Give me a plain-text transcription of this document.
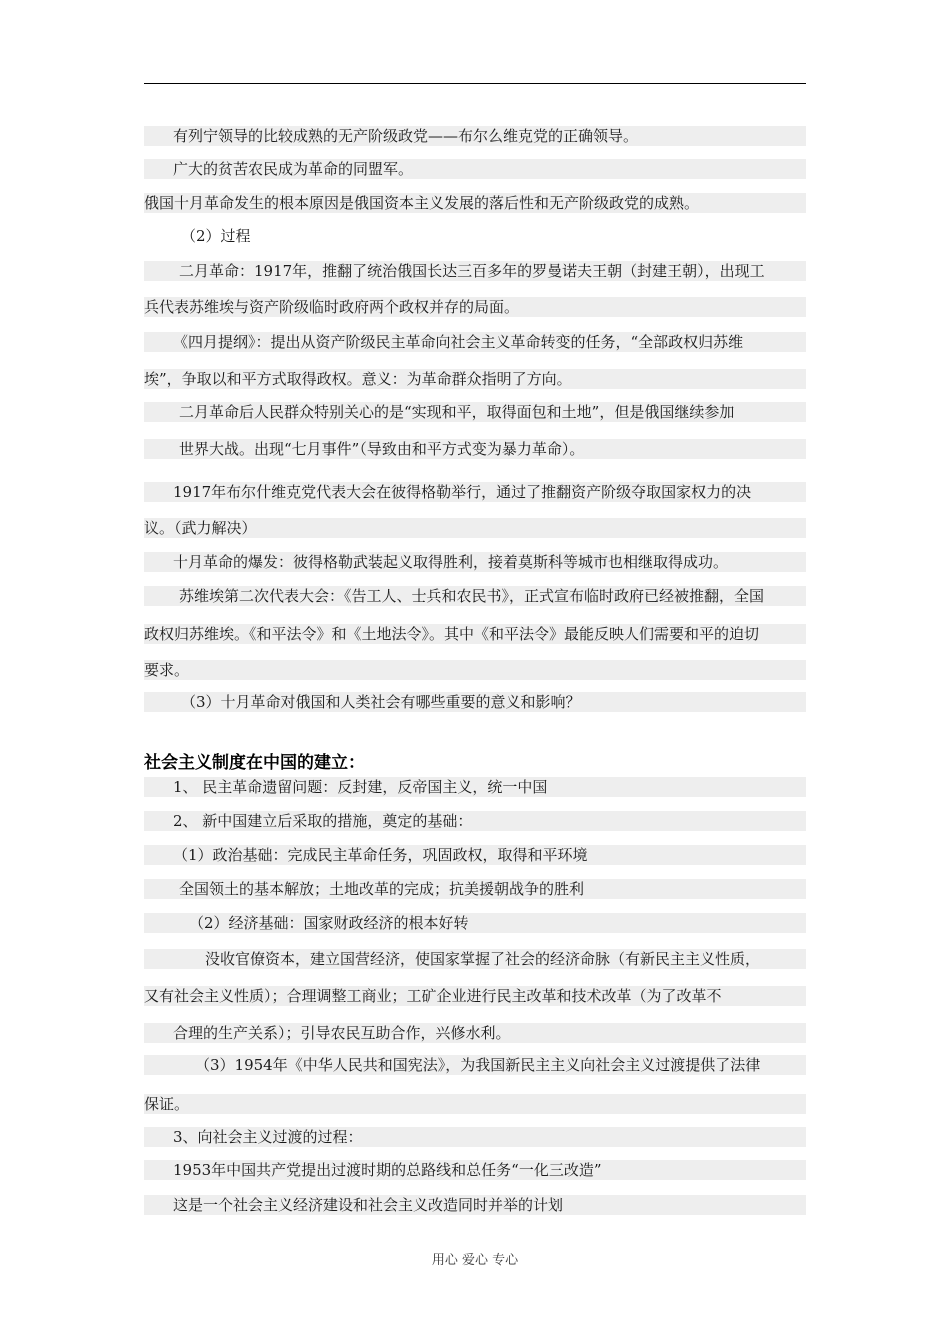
有列宁领导的比较成熟的无产阶级政党——布尔么维克党的正确领导。
广大的贫苦农民成为革命的同盟军。
俄国十月革命发生的根本原因是俄国资本主义发展的落后性和无产阶级政党的成熟。
（2）过程
二月革命：1917年，推翻了统治俄国长达三百多年的罗曼诺夫王朝（封建王朝），出现工
兵代表苏维埃与资产阶级临时政府两个政权并存的局面。
《四月提纲》：提出从资产阶级民主革命向社会主义革命转变的任务，“全部政权归苏维
埃”，争取以和平方式取得政权。意义：为革命群众指明了方向。
二月革命后人民群众特别关心的是“实现和平，取得面包和土地”，但是俄国继续参加
世界大战。出现“七月事件”（导致由和平方式变为暴力革命）。
1917年布尔什维克党代表大会在彼得格勒举行，通过了推翻资产阶级夺取国家权力的决
议。（武力解决）
十月革命的爆发：彼得格勒武装起义取得胜利，接着莫斯科等城市也相继取得成功。
苏维埃第二次代表大会：《告工人、士兵和农民书》，正式宣布临时政府已经被推翻，全国
政权归苏维埃。《和平法令》和《土地法令》。其中《和平法令》最能反映人们需要和平的迫切
要求。
（3）十月革命对俄国和人类社会有哪些重要的意义和影响？
社会主义制度在中国的建立：
1、 民主革命遗留问题：反封建，反帝国主义，统一中国
2、 新中国建立后采取的措施，奠定的基础：
（1）政治基础：完成民主革命任务，巩固政权，取得和平环境
全国领土的基本解放；土地改革的完成；抗美援朝战争的胜利
（2）经济基础：国家财政经济的根本好转
没收官僚资本，建立国营经济，使国家掌握了社会的经济命脉（有新民主主义性质，
又有社会主义性质）；合理调整工商业；工矿企业进行民主改革和技术改革（为了改革不
合理的生产关系）；引导农民互助合作，兴修水利。
（3）1954年《中华人民共和国宪法》，为我国新民主主义向社会主义过渡提供了法律
保证。
3、向社会主义过渡的过程：
1953年中国共产党提出过渡时期的总路线和总任务“一化三改造”
这是一个社会主义经济建设和社会主义改造同时并举的计划
用心 爱心 专心
